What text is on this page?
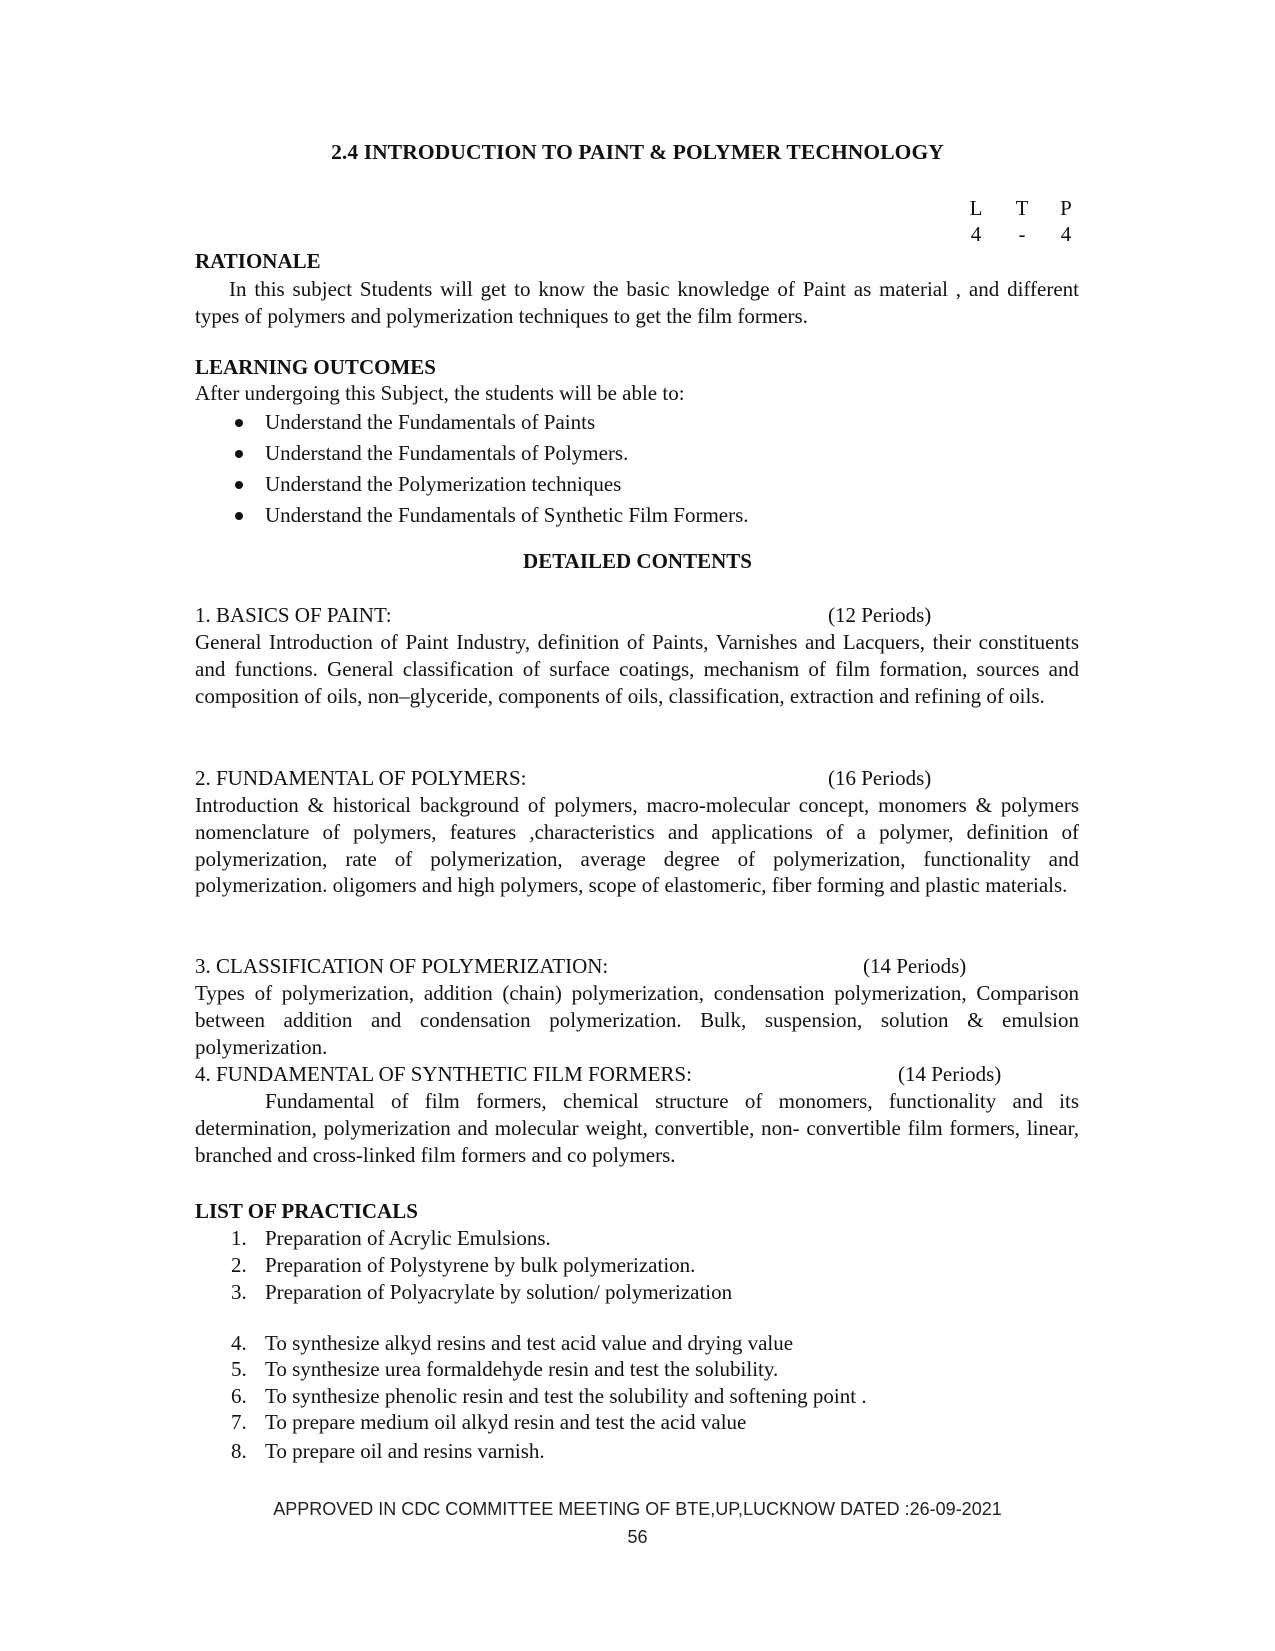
2.4 INTRODUCTION TO PAINT & POLYMER TECHNOLOGY
L	T	P
4	-	4
RATIONALE

In this subject Students will get to know the basic knowledge of Paint as material , and different types of polymers and polymerization techniques to get the film formers.

LEARNING OUTCOMES
After undergoing this Subject, the students will be able to:
Understand the Fundamentals of Paints
Understand the Fundamentals of Polymers.
Understand the Polymerization techniques
Understand the Fundamentals of Synthetic Film Formers.
DETAILED CONTENTS
1. BASICS OF PAINT:	(12 Periods)

General Introduction of Paint Industry, definition of Paints, Varnishes and Lacquers, their constituents and functions. General classification of surface coatings, mechanism of film formation, sources and composition of oils, non–glyceride, components of oils, classification, extraction and refining of oils.

2. FUNDAMENTAL OF POLYMERS:	(16 Periods)

Introduction & historical background of polymers, macro-molecular concept, monomers & polymers nomenclature of polymers, features ,characteristics and applications of a polymer, definition of polymerization, rate of polymerization, average degree of polymerization, functionality and polymerization. oligomers and high polymers, scope of elastomeric, fiber forming and plastic materials.

3. CLASSIFICATION OF POLYMERIZATION:	(14 Periods)

Types of polymerization, addition (chain) polymerization, condensation polymerization, Comparison between addition and condensation polymerization. Bulk, suspension, solution & emulsion polymerization.

4. FUNDAMENTAL OF SYNTHETIC FILM FORMERS:	(14 Periods)

Fundamental of film formers, chemical structure of monomers, functionality and its determination, polymerization and molecular weight, convertible, non- convertible film formers, linear, branched and cross-linked film formers and co polymers.

LIST OF PRACTICALS
1. Preparation of Acrylic Emulsions.
2. Preparation of Polystyrene by bulk polymerization.
3. Preparation of Polyacrylate by solution/ polymerization
4. To synthesize alkyd resins and test acid value and drying value
5. To synthesize urea formaldehyde resin and test the solubility.
6. To synthesize phenolic resin and test the solubility and softening point .
7. To prepare medium oil alkyd resin and test the acid value
8. To prepare oil and resins varnish.
APPROVED IN CDC COMMITTEE MEETING OF BTE,UP,LUCKNOW DATED :26-09-2021
56
